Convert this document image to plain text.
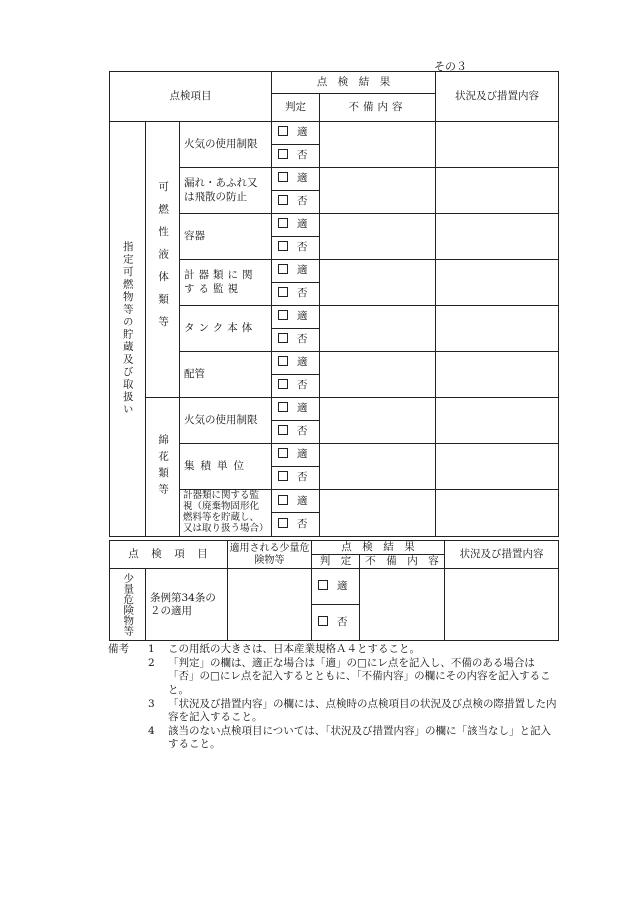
その３
点検項目			点　検　結　果		状況及び措置内容

			判定	不備内容	

指定可燃物等の貯蔵及び取扱い	可燃性液体類等	火気の使用制限	適		
			否		
		漏れ・あふれ又は飛散の防止	適		
			否		

		容器	適		
			否		
		計器類に関する監視	適		
			否		
		タンク本体	適		
			否		
		配管	適		
			否		

	綿花類等	火気の使用制限	適		
			否		
		集積単位	適		
			否		
		計器類に関する監視（廃棄物固形化燃料等を貯蔵し、又は取り扱う場合）	適		
			否		
点　検　項　目		適用される少量危険物等	点　検　結　果		状況及び措置内容
			判　定	不　備　内　容	

少量危険物等	条例第34条の２の適用		適		
			否		
備考 1	この用紙の大きさは、日本産業規格Ａ４とすること。
2	「判定」の欄は、適正な場合は「適」の□にレ点を記入し、不備のある場合は「否」の□にレ点を記入するとともに、「不備内容」の欄にその内容を記入すること。
3	「状況及び措置内容」の欄には、点検時の点検項目の状況及び点検の際措置した内容を記入すること。
4	該当のない点検項目については、「状況及び措置内容」の欄に「該当なし」と記入すること。
